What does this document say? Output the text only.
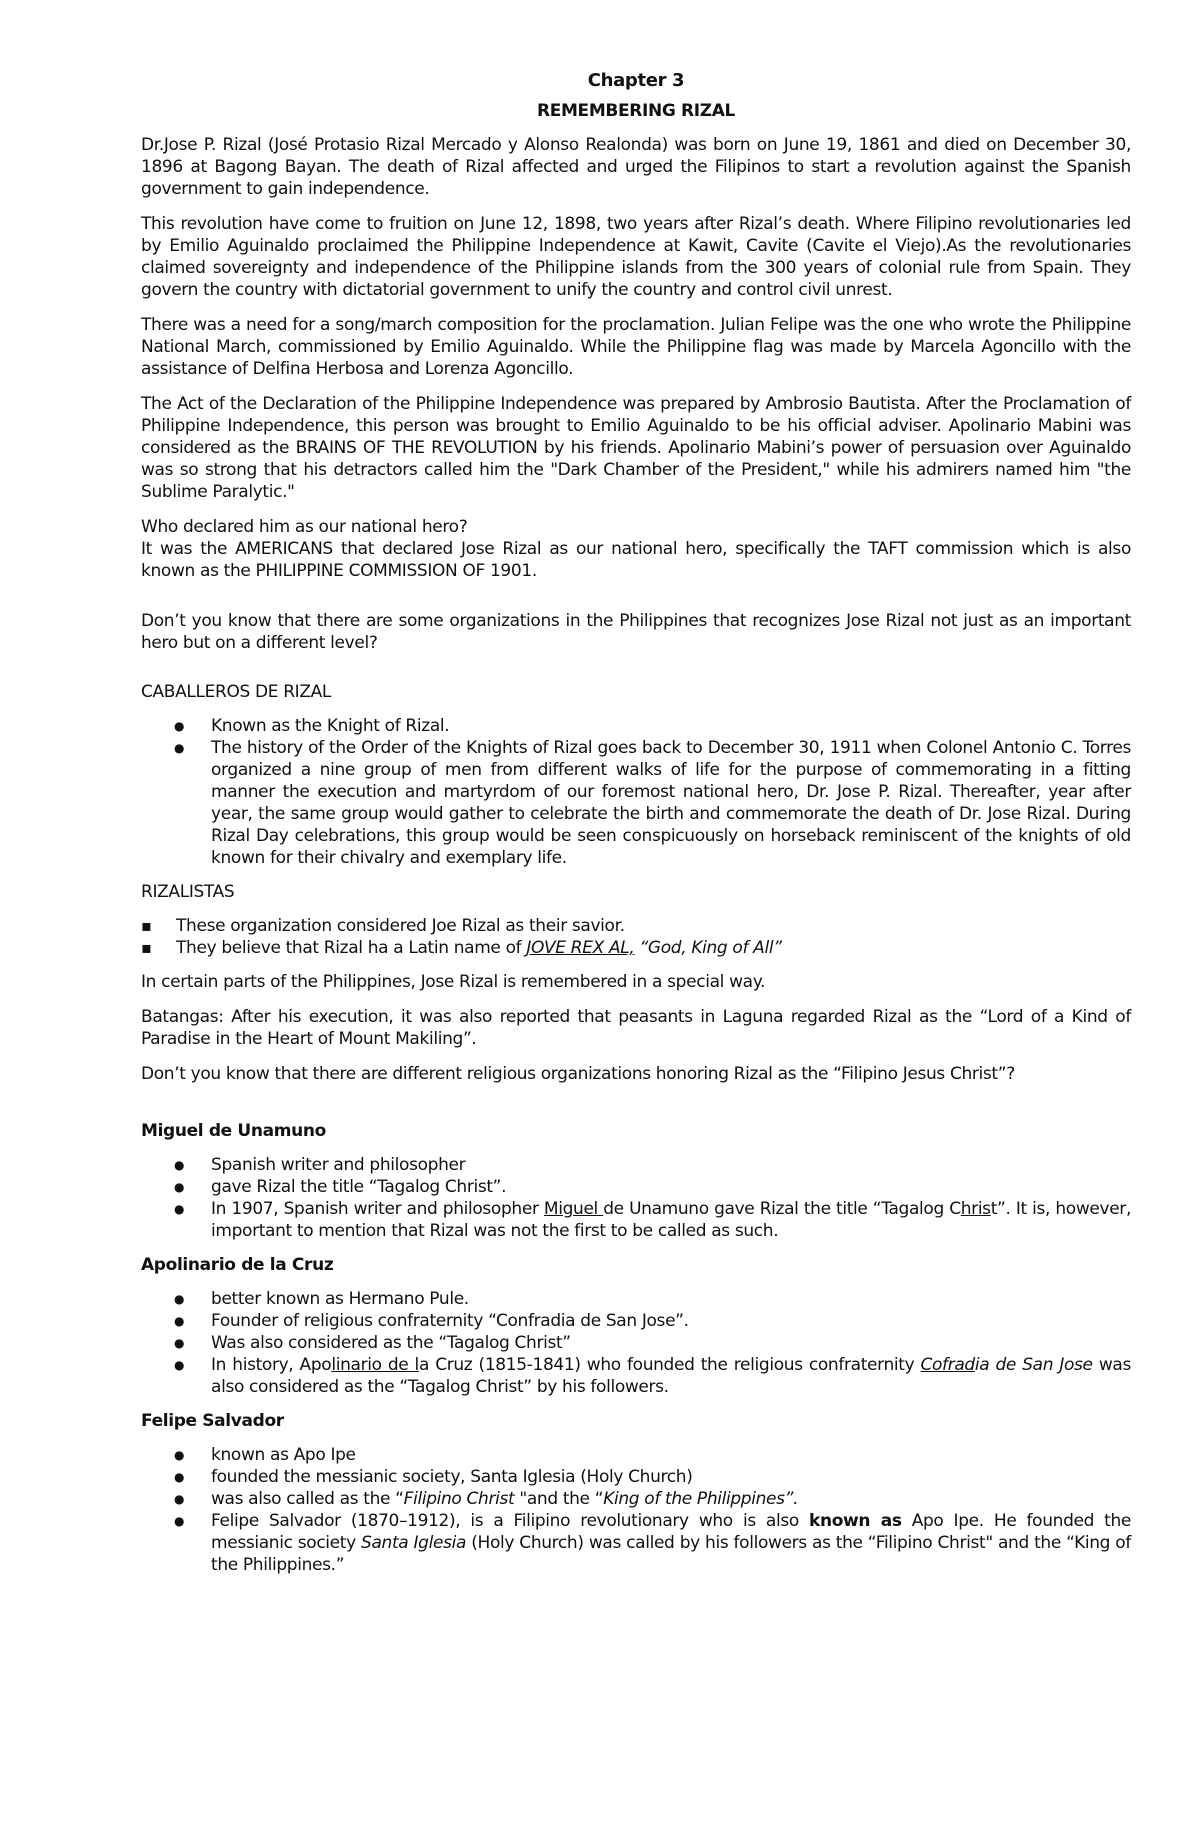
Chapter 3
REMEMBERING RIZAL

Dr.Jose P. Rizal (José Protasio Rizal Mercado y Alonso Realonda) was born on June 19, 1861 and died on December 30, 1896 at Bagong Bayan. The death of Rizal affected and urged the Filipinos to start a revolution against the Spanish government to gain independence.

This revolution have come to fruition on June 12, 1898, two years after Rizal’s death. Where Filipino revolutionaries led by Emilio Aguinaldo proclaimed the Philippine Independence at Kawit, Cavite (Cavite el Viejo).As the revolutionaries claimed sovereignty and independence of the Philippine islands from the 300 years of colonial rule from Spain. They govern the country with dictatorial government to unify the country and control civil unrest.

There was a need for a song/march composition for the proclamation. Julian Felipe was the one who wrote the Philippine National March, commissioned by Emilio Aguinaldo. While the Philippine flag was made by Marcela Agoncillo with the assistance of Delfina Herbosa and Lorenza Agoncillo.

The Act of the Declaration of the Philippine Independence was prepared by Ambrosio Bautista. After the Proclamation of Philippine Independence, this person was brought to Emilio Aguinaldo to be his official adviser. Apolinario Mabini was considered as the BRAINS OF THE REVOLUTION by his friends. Apolinario Mabini’s power of persuasion over Aguinaldo was so strong that his detractors called him the "Dark Chamber of the President," while his admirers named him "the Sublime Paralytic."

Who declared him as our national hero?
It was the AMERICANS that declared Jose Rizal as our national hero, specifically the TAFT commission which is also known as the PHILIPPINE COMMISSION OF 1901.

Don’t you know that there are some organizations in the Philippines that recognizes Jose Rizal not just as an important hero but on a different level?

CABALLEROS DE RIZAL
● Known as the Knight of Rizal.
● The history of the Order of the Knights of Rizal goes back to December 30, 1911 when Colonel Antonio C. Torres organized a nine group of men from different walks of life for the purpose of commemorating in a fitting manner the execution and martyrdom of our foremost national hero, Dr. Jose P. Rizal. Thereafter, year after year, the same group would gather to celebrate the birth and commemorate the death of Dr. Jose Rizal. During Rizal Day celebrations, this group would be seen conspicuously on horseback reminiscent of the knights of old known for their chivalry and exemplary life.
RIZALISTAS
▪ These organization considered Joe Rizal as their savior.
▪ They believe that Rizal ha a Latin name of JOVE REX AL, “God, King of All”

In certain parts of the Philippines, Jose Rizal is remembered in a special way.

Batangas: After his execution, it was also reported that peasants in Laguna regarded Rizal as the “Lord of a Kind of Paradise in the Heart of Mount Makiling”.

Don’t you know that there are different religious organizations honoring Rizal as the “Filipino Jesus Christ”?

Miguel de Unamuno
● Spanish writer and philosopher
● gave Rizal the title “Tagalog Christ”.
● In 1907, Spanish writer and philosopher Miguel de Unamuno gave Rizal the title “Tagalog Christ”. It is, however, important to mention that Rizal was not the first to be called as such.
Apolinario de la Cruz
● better known as Hermano Pule.
● Founder of religious confraternity “Confradia de San Jose”.
● Was also considered as the “Tagalog Christ”
● In history, Apolinario de la Cruz (1815-1841) who founded the religious confraternity Cofradia de San Jose was also considered as the “Tagalog Christ” by his followers.
Felipe Salvador
● known as Apo Ipe
● founded the messianic society, Santa Iglesia (Holy Church)
● was also called as the “Filipino Christ "and the “King of the Philippines”.
● Felipe Salvador (1870–1912), is a Filipino revolutionary who is also known as Apo Ipe. He founded the messianic society Santa Iglesia (Holy Church) was called by his followers as the “Filipino Christ" and the “King of the Philippines.”
